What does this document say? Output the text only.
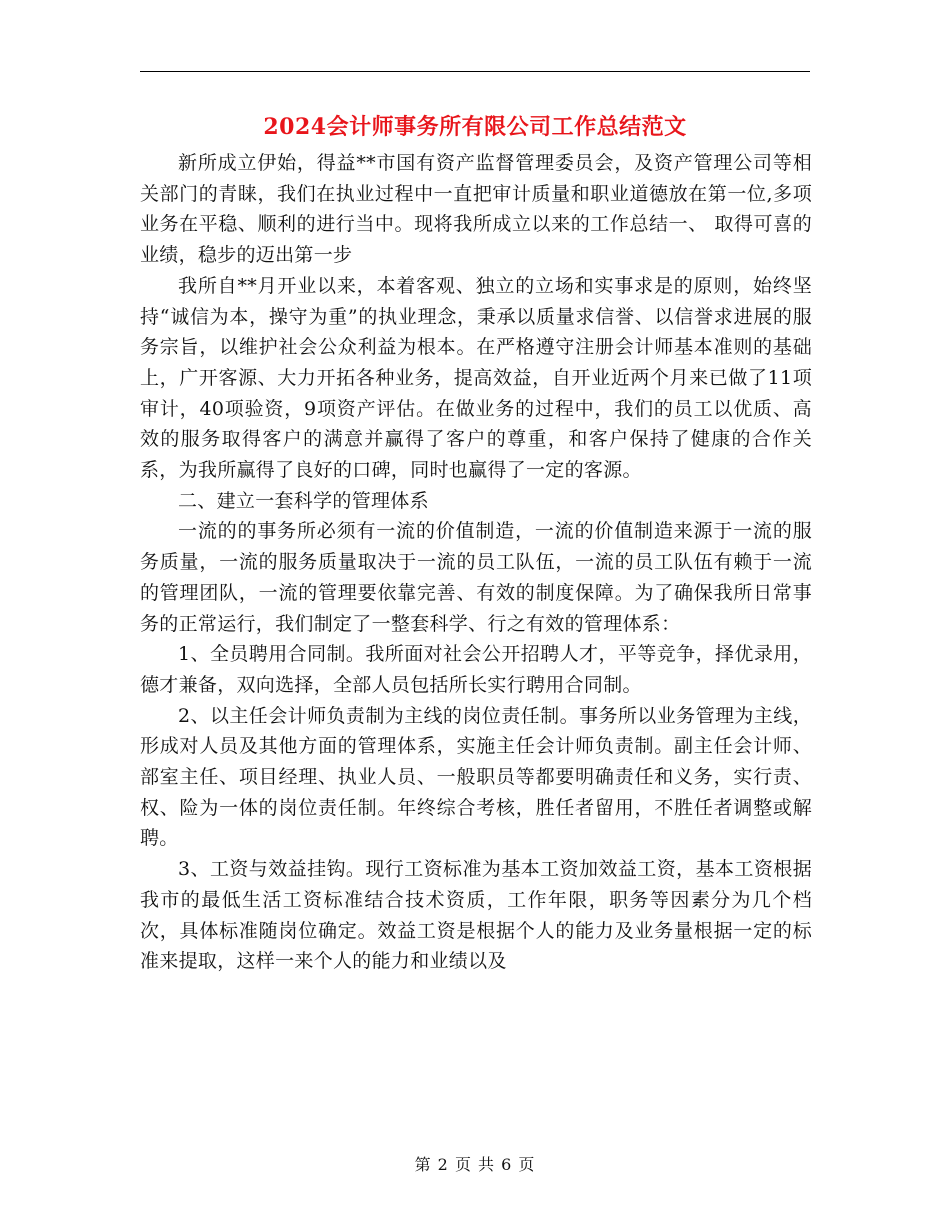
2024会计师事务所有限公司工作总结范文

新所成立伊始，得益**市国有资产监督管理委员会，及资产管理公司等相关部门的青睐，我们在执业过程中一直把审计质量和职业道德放在第一位,多项业务在平稳、顺利的进行当中。现将我所成立以来的工作总结一、 取得可喜的业绩，稳步的迈出第一步

我所自**月开业以来，本着客观、独立的立场和实事求是的原则，始终坚持“诚信为本，操守为重”的执业理念，秉承以质量求信誉、以信誉求进展的服务宗旨，以维护社会公众利益为根本。在严格遵守注册会计师基本准则的基础上，广开客源、大力开拓各种业务，提高效益，自开业近两个月来已做了11项审计，40项验资，9项资产评估。在做业务的过程中，我们的员工以优质、高效的服务取得客户的满意并赢得了客户的尊重，和客户保持了健康的合作关系，为我所赢得了良好的口碑，同时也赢得了一定的客源。

二、建立一套科学的管理体系

一流的的事务所必须有一流的价值制造，一流的价值制造来源于一流的服务质量，一流的服务质量取决于一流的员工队伍，一流的员工队伍有赖于一流的管理团队，一流的管理要依靠完善、有效的制度保障。为了确保我所日常事务的正常运行，我们制定了一整套科学、行之有效的管理体系：

1、全员聘用合同制。我所面对社会公开招聘人才，平等竞争，择优录用，德才兼备，双向选择，全部人员包括所长实行聘用合同制。

2、以主任会计师负责制为主线的岗位责任制。事务所以业务管理为主线，形成对人员及其他方面的管理体系，实施主任会计师负责制。副主任会计师、部室主任、项目经理、执业人员、一般职员等都要明确责任和义务，实行责、权、险为一体的岗位责任制。年终综合考核，胜任者留用，不胜任者调整或解聘。

3、工资与效益挂钩。现行工资标准为基本工资加效益工资，基本工资根据我市的最低生活工资标准结合技术资质，工作年限，职务等因素分为几个档次，具体标准随岗位确定。效益工资是根据个人的能力及业务量根据一定的标准来提取，这样一来个人的能力和业绩以及

第 2 页 共 6 页
